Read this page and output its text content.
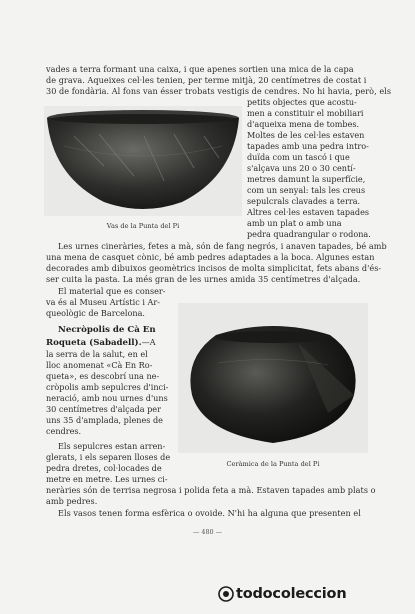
vades a terra formant una caixa, i que apenes sortien una mica de la capa
de grava. Aqueixes cel·les tenien, per terme mitjà, 20 centímetres de costat i
30 de fondària. Al fons van ésser trobats vestigis de cendres. No hi havia, però, els
Vas de la Punta del Pi
petits objectes que acostu-
men a constituir el mobiliari
d'aqueixa mena de tombes.
Moltes de les cel·les estaven
tapades amb una pedra intro-
duïda com un tascó i que
s'alçava uns 20 o 30 centí-
metres damunt la superfície,
com un senyal: tals les creus
sepulcrals clavades a terra.
Altres cel·les estaven tapades
amb un plat o amb una
pedra quadrangular o rodona.
Les urnes cineràries, fetes a mà, són de fang negrós, i anaven tapades, bé amb
una mena de casquet cònic, bé amb pedres adaptades a la boca. Algunes estan
decorades amb dibuixos geomètrics incisos de molta simplicitat, fets abans d'és-
ser cuita la pasta. La més gran de les urnes amida 35 centímetres d'alçada.
El material que es conser-
va és al Museu Artístic i Ar-
queològic de Barcelona.
Necròpolis de Cà En
Roqueta (Sabadell).—A
la serra de la salut, en el
lloc anomenat «Cà En Ro-
queta», es descobrí una ne-
cròpolis amb sepulcres d'inci-
neració, amb nou urnes d'uns
30 centímetres d'alçada per
uns 35 d'amplada, plenes de
cendres.
Els sepulcres estan arren-
glerats, i els separen lloses de
pedra dretes, col·locades de
metre en metre. Les urnes ci-
Ceràmica de la Punta del Pi
neràries són de terrisa negrosa i polida feta a mà. Estaven tapades amb plats o
amb pedres.
Els vasos tenen forma esfèrica o ovoide. N'hi ha alguna que presenten el
— 480 —
todocoleccion
